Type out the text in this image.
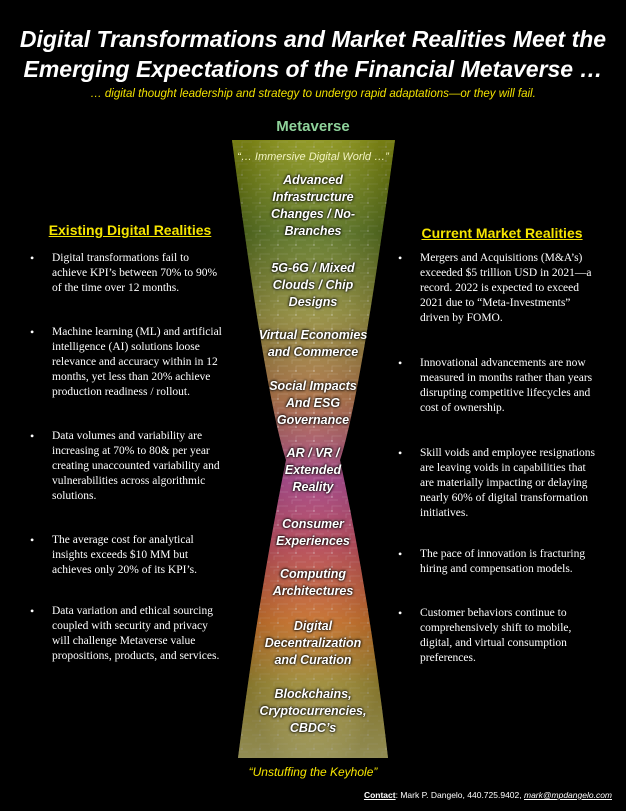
Digital Transformations and Market Realities Meet the
Emerging Expectations of the Financial Metaverse …
… digital thought leadership and strategy to undergo rapid adaptations—or they will fail.
Metaverse
“… Immersive Digital World …”
Advanced
Infrastructure
Changes / No-
Branches
5G-6G / Mixed
Clouds / Chip
Designs
Virtual Economies
and Commerce
Social Impacts
And ESG
Governance
AR / VR /
Extended
Reality
Consumer
Experiences
Computing
Architectures
Digital
Decentralization
and Curation
Blockchains,
Cryptocurrencies,
CBDC’s
Existing Digital Realities
• Digital transformations fail to
achieve KPI’s between 70% to 90%
of the time over 12 months.
• Machine learning (ML) and artificial
intelligence (AI) solutions loose
relevance and accuracy within in 12
months, yet less than 20% achieve
production readiness / rollout.
• Data volumes and variability are
increasing at 70% to 80& per year
creating unaccounted variability and
vulnerabilities across algorithmic
solutions.
• The average cost for analytical
insights exceeds $10 MM but
achieves only 20% of its KPI’s.
• Data variation and ethical sourcing
coupled with security and privacy
will challenge Metaverse value
propositions, products, and services.
Current Market Realities
• Mergers and Acquisitions (M&A’s)
exceeded $5 trillion USD in 2021—a
record. 2022 is expected to exceed
2021 due to “Meta-Investments”
driven by FOMO.
• Innovational advancements are now
measured in months rather than years
disrupting competitive lifecycles and
cost of ownership.
• Skill voids and employee resignations
are leaving voids in capabilities that
are materially impacting or delaying
nearly 60% of digital transformation
initiatives.
• The pace of innovation is fracturing
hiring and compensation models.
• Customer behaviors continue to
comprehensively shift to mobile,
digital, and virtual consumption
preferences.
“Unstuffing the Keyhole”
Contact: Mark P. Dangelo, 440.725.9402, mark@mpdangelo.com
